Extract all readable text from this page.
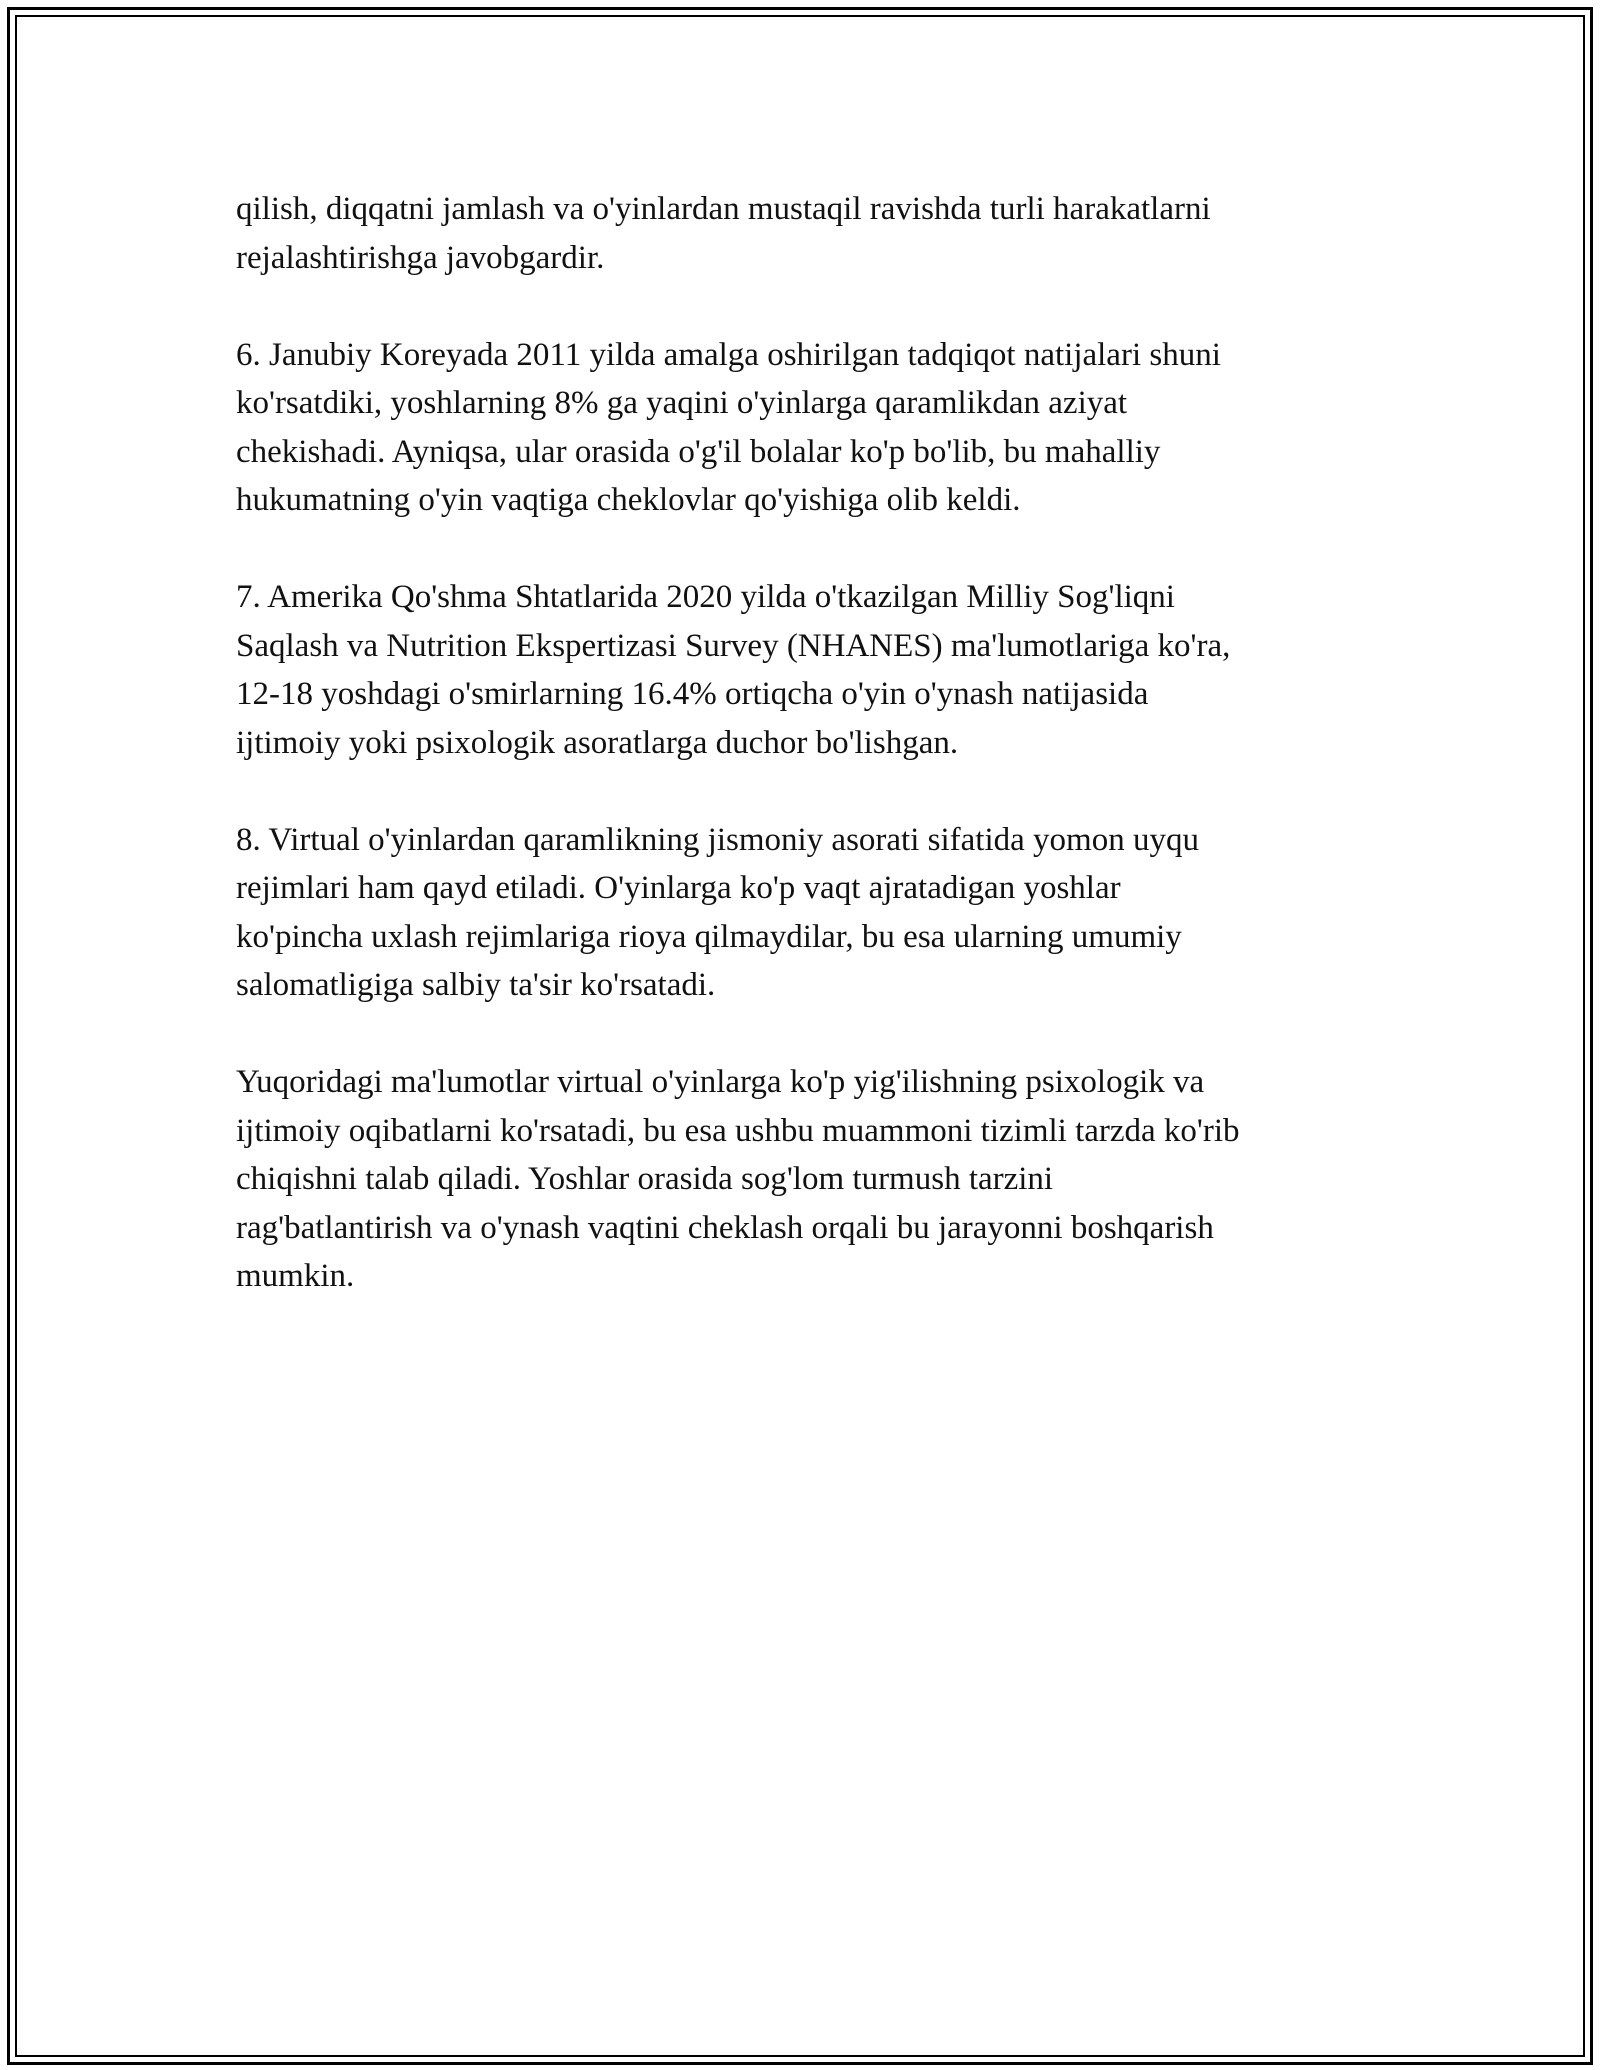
qilish, diqqatni jamlash va o'yinlardan mustaqil ravishda turli harakatlarni
rejalashtirishga javobgardir.

6. Janubiy Koreyada 2011 yilda amalga oshirilgan tadqiqot natijalari shuni
ko'rsatdiki, yoshlarning 8% ga yaqini o'yinlarga qaramlikdan aziyat
chekishadi. Ayniqsa, ular orasida o'g'il bolalar ko'p bo'lib, bu mahalliy
hukumatning o'yin vaqtiga cheklovlar qo'yishiga olib keldi.

7. Amerika Qo'shma Shtatlarida 2020 yilda o'tkazilgan Milliy Sog'liqni
Saqlash va Nutrition Ekspertizasi Survey (NHANES) ma'lumotlariga ko'ra,
12-18 yoshdagi o'smirlarning 16.4% ortiqcha o'yin o'ynash natijasida
ijtimoiy yoki psixologik asoratlarga duchor bo'lishgan.

8. Virtual o'yinlardan qaramlikning jismoniy asorati sifatida yomon uyqu
rejimlari ham qayd etiladi. O'yinlarga ko'p vaqt ajratadigan yoshlar
ko'pincha uxlash rejimlariga rioya qilmaydilar, bu esa ularning umumiy
salomatligiga salbiy ta'sir ko'rsatadi.

Yuqoridagi ma'lumotlar virtual o'yinlarga ko'p yig'ilishning psixologik va
ijtimoiy oqibatlarni ko'rsatadi, bu esa ushbu muammoni tizimli tarzda ko'rib
chiqishni talab qiladi. Yoshlar orasida sog'lom turmush tarzini
rag'batlantirish va o'ynash vaqtini cheklash orqali bu jarayonni boshqarish
mumkin.
